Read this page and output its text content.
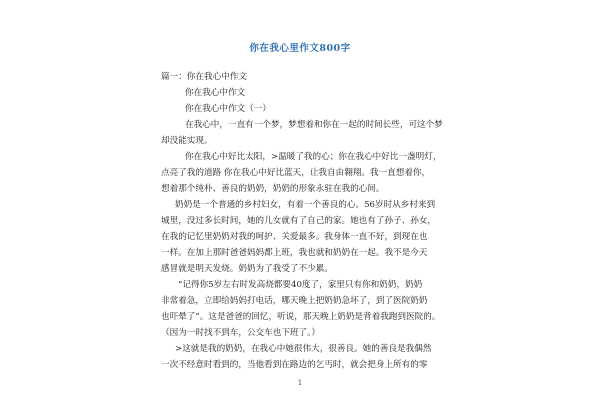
你在我心里作文800字
篇一：你在我心中作文
你在我心中作文
你在我心中作文（一）
在我心中，一直有一个梦，梦想着和你在一起的时间长些，可这个梦
却没能实现。
你在我心中好比太阳，>温暖了我的心；你在我心中好比一盏明灯，
点亮了我的道路 你在我心中好比蓝天，让我自由翱翔。我一直想着你，
想着那个纯朴、善良的奶奶，奶奶的形象永驻在我的心间。
奶奶是一个普通的乡村妇女，有着一个善良的心。56岁时从乡村来到
城里，没过多长时间，她的儿女就有了自己的家。她也有了孙子、孙女，
在我的记忆里奶奶对我的呵护、关爱最多。我身体一直不好，到现在也
一样。在加上那时爸爸妈妈都上班，我也就和奶奶在一起。我不是今天
感冒就是明天发烧。奶奶为了我受了不少累。
“记得你5岁左右时发高烧都要40度了，家里只有你和奶奶，奶奶
非常着急，立即给妈妈打电话，哪天晚上把奶奶急坏了，到了医院奶奶
也吓晕了”。这是爸爸的回忆，听说，那天晚上奶奶是背着我跑到医院的。
（因为一时找不到车，公交车也下班了。）
>这就是我的奶奶，在我心中她很伟大，很善良。她的善良是我偶然
一次不经意时看到的，当他看到在路边的乞丐时，就会把身上所有的零
1
